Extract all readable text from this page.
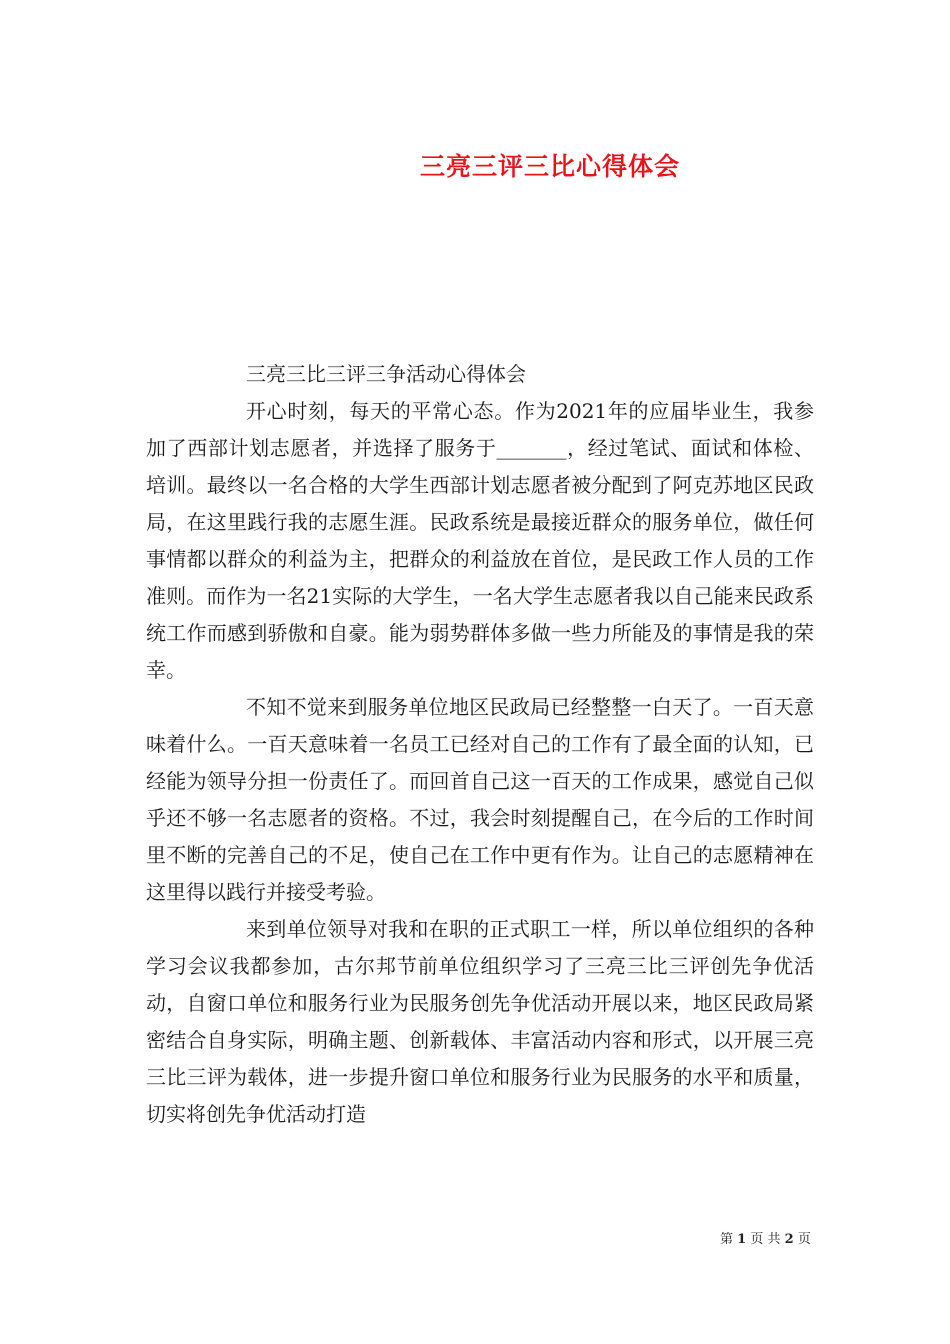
三亮三评三比心得体会

三亮三比三评三争活动心得体会

开心时刻，每天的平常心态。作为2021年的应届毕业生，我参加了西部计划志愿者，并选择了服务于_______，经过笔试、面试和体检、培训。最终以一名合格的大学生西部计划志愿者被分配到了阿克苏地区民政局，在这里践行我的志愿生涯。民政系统是最接近群众的服务单位，做任何事情都以群众的利益为主，把群众的利益放在首位，是民政工作人员的工作准则。而作为一名21实际的大学生，一名大学生志愿者我以自己能来民政系统工作而感到骄傲和自豪。能为弱势群体多做一些力所能及的事情是我的荣幸。

不知不觉来到服务单位地区民政局已经整整一白天了。一百天意味着什么。一百天意味着一名员工已经对自己的工作有了最全面的认知，已经能为领导分担一份责任了。而回首自己这一百天的工作成果，感觉自己似乎还不够一名志愿者的资格。不过，我会时刻提醒自己，在今后的工作时间里不断的完善自己的不足，使自己在工作中更有作为。让自己的志愿精神在这里得以践行并接受考验。

来到单位领导对我和在职的正式职工一样，所以单位组织的各种学习会议我都参加，古尔邦节前单位组织学习了三亮三比三评创先争优活动，自窗口单位和服务行业为民服务创先争优活动开展以来，地区民政局紧密结合自身实际，明确主题、创新载体、丰富活动内容和形式，以开展三亮三比三评为载体，进一步提升窗口单位和服务行业为民服务的水平和质量，切实将创先争优活动打造

第 1 页 共 2 页
